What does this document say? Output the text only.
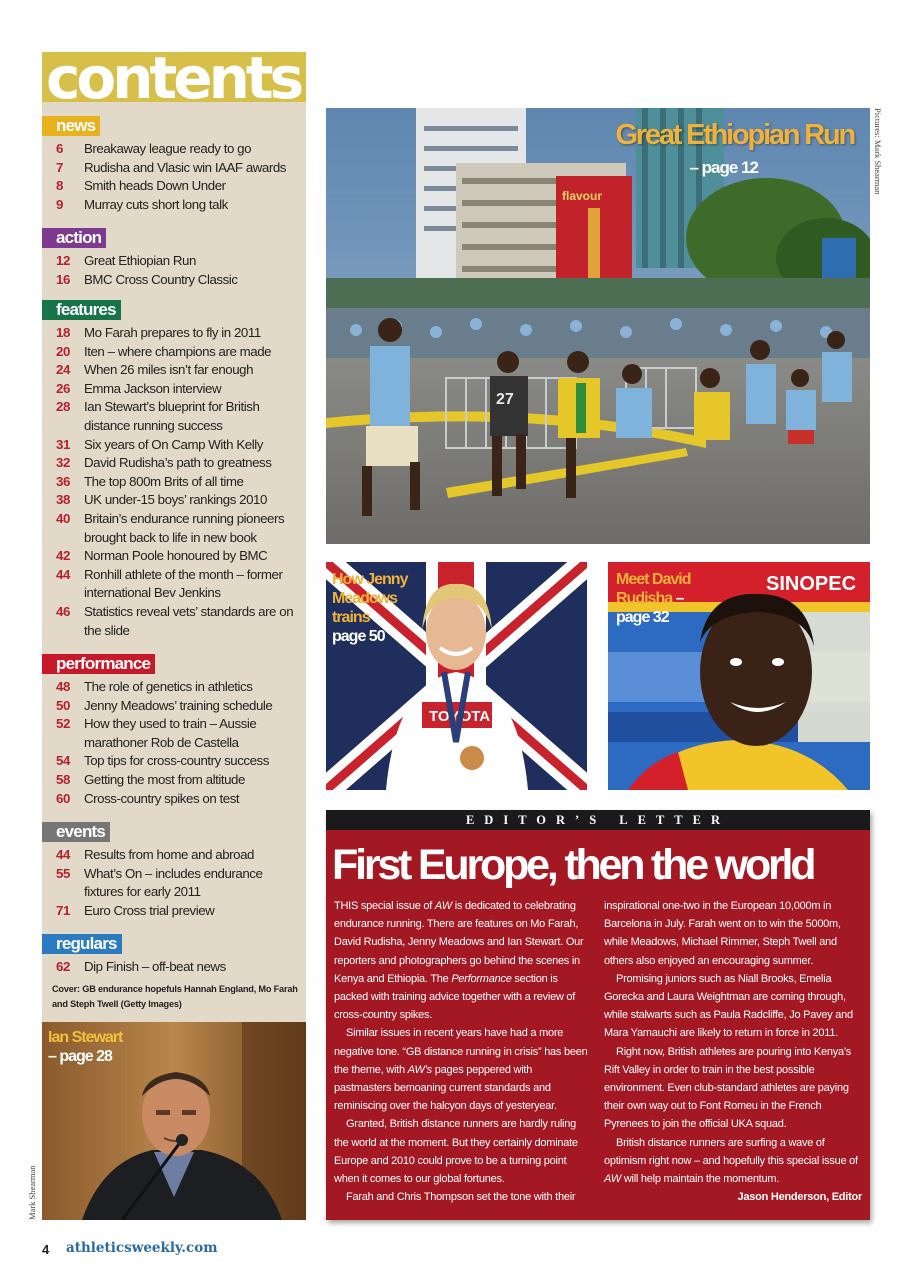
contents
news
6 Breakaway league ready to go
7 Rudisha and Vlasic win IAAF awards
8 Smith heads Down Under
9 Murray cuts short long talk
action
12 Great Ethiopian Run
16 BMC Cross Country Classic
features
18 Mo Farah prepares to fly in 2011
20 Iten – where champions are made
24 When 26 miles isn’t far enough
26 Emma Jackson interview
28 Ian Stewart’s blueprint for British distance running success
31 Six years of On Camp With Kelly
32 David Rudisha’s path to greatness
36 The top 800m Brits of all time
38 UK under-15 boys’ rankings 2010
40 Britain’s endurance running pioneers brought back to life in new book
42 Norman Poole honoured by BMC
44 Ronhill athlete of the month – former international Bev Jenkins
46 Statistics reveal vets’ standards are on the slide
performance
48 The role of genetics in athletics
50 Jenny Meadows’ training schedule
52 How they used to train – Aussie marathoner Rob de Castella
54 Top tips for cross-country success
58 Getting the most from altitude
60 Cross-country spikes on test
events
44 Results from home and abroad
55 What’s On – includes endurance fixtures for early 2011
71 Euro Cross trial preview
regulars
62 Dip Finish – off-beat news
Cover: GB endurance hopefuls Hannah England, Mo Farah and Steph Twell (Getty Images)
Ian Stewart
– page 28
Mark Shearman
Pictures: Mark Shearman
flavour
27
Great Ethiopian Run
– page 12
TOYOTA
How Jenny
Meadows
trains –
page 50
SINOPEC
Meet David
Rudisha –
page 32
EDITOR’S LETTER
First Europe, then the world

THIS special issue of AW is dedicated to celebrating endurance running. There are features on Mo Farah, David Rudisha, Jenny Meadows and Ian Stewart. Our reporters and photographers go behind the scenes in Kenya and Ethiopia. The Performance section is packed with training advice together with a review of cross-country spikes.

Similar issues in recent years have had a more negative tone. “GB distance running in crisis” has been the theme, with AW’s pages peppered with pastmasters bemoaning current standards and reminiscing over the halcyon days of yesteryear.

Granted, British distance runners are hardly ruling the world at the moment. But they certainly dominate Europe and 2010 could prove to be a turning point when it comes to our global fortunes.

Farah and Chris Thompson set the tone with their

inspirational one-two in the European 10,000m in Barcelona in July. Farah went on to win the 5000m, while Meadows, Michael Rimmer, Steph Twell and others also enjoyed an encouraging summer.

Promising juniors such as Niall Brooks, Emelia Gorecka and Laura Weightman are coming through, while stalwarts such as Paula Radcliffe, Jo Pavey and Mara Yamauchi are likely to return in force in 2011.

Right now, British athletes are pouring into Kenya’s Rift Valley in order to train in the best possible environment. Even club-standard athletes are paying their own way out to Font Romeu in the French Pyrenees to join the official UKA squad.

British distance runners are surfing a wave of optimism right now – and hopefully this special issue of AW will help maintain the momentum.

Jason Henderson, Editor

4 athleticsweekly.com
